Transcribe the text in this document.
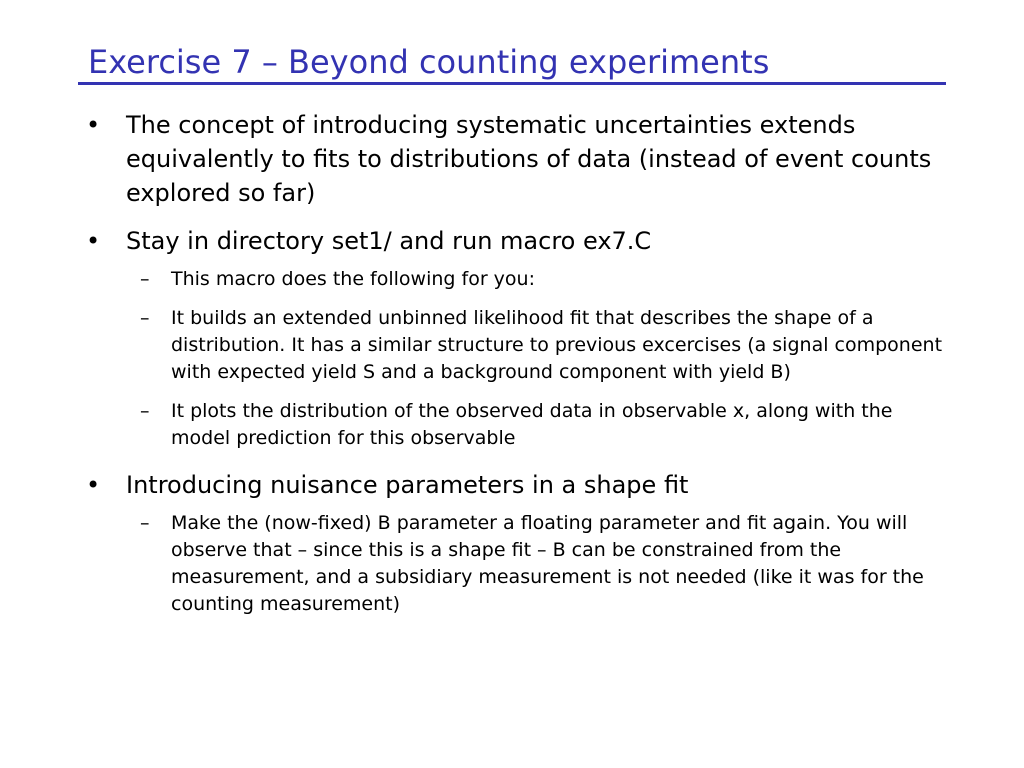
Exercise 7 – Beyond counting experiments
• The concept of introducing systematic uncertainties extends equivalently to fits to distributions of data (instead of event counts explored so far)
• Stay in directory set1/ and run macro ex7.C
– This macro does the following for you:
– It builds an extended unbinned likelihood fit that describes the shape of a distribution. It has a similar structure to previous excercises (a signal component with expected yield S and a background component with yield B)
– It plots the distribution of the observed data in observable x, along with the model prediction for this observable
• Introducing nuisance parameters in a shape fit
– Make the (now-fixed) B parameter a floating parameter and fit again. You will observe that – since this is a shape fit – B can be constrained from the measurement, and a subsidiary measurement is not needed (like it was for the counting measurement)
